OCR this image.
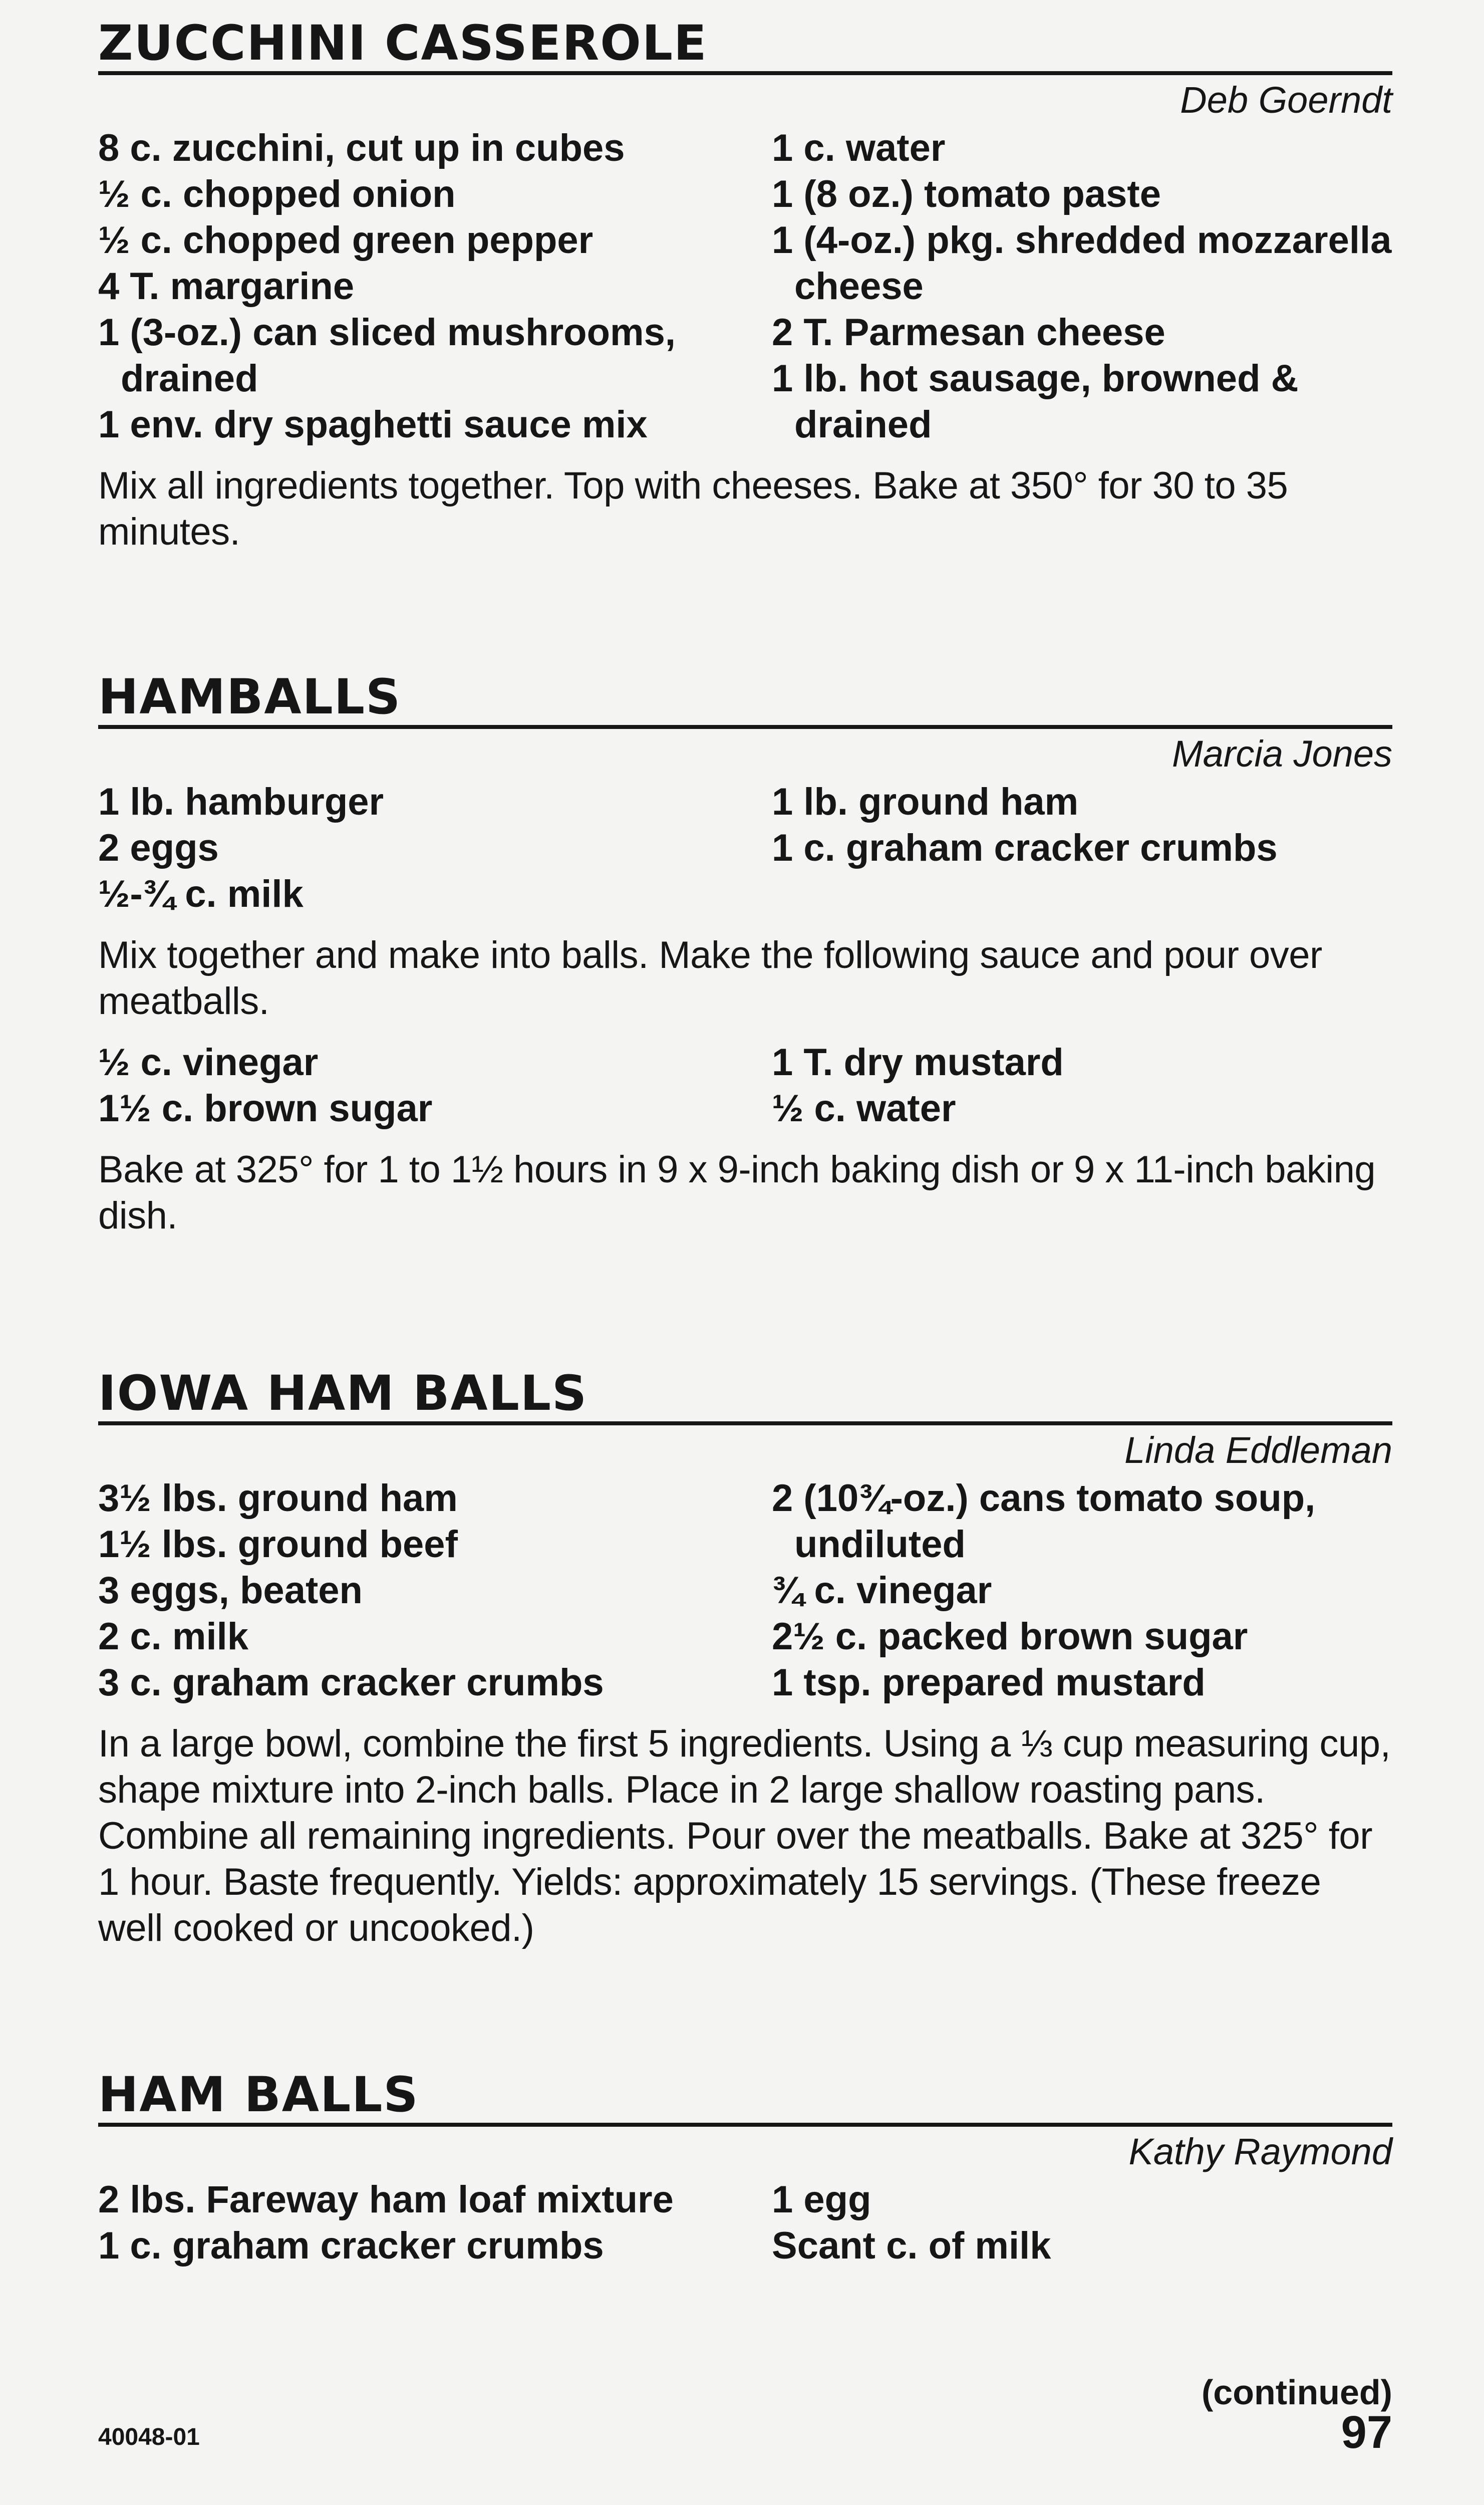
ZUCCHINI CASSEROLE
Deb Goerndt
8 c. zucchini, cut up in cubes
½ c. chopped onion
½ c. chopped green pepper
4 T. margarine
1 (3-oz.) can sliced mushrooms, drained
1 env. dry spaghetti sauce mix
1 c. water
1 (8 oz.) tomato paste
1 (4-oz.) pkg. shredded mozzarella cheese
2 T. Parmesan cheese
1 lb. hot sausage, browned & drained

Mix all ingredients together. Top with cheeses. Bake at 350° for 30 to 35 minutes.

HAMBALLS
Marcia Jones
1 lb. hamburger
2 eggs
½-¾ c. milk
1 lb. ground ham
1 c. graham cracker crumbs

Mix together and make into balls. Make the following sauce and pour over meatballs.

½ c. vinegar
1½ c. brown sugar
1 T. dry mustard
½ c. water

Bake at 325° for 1 to 1½ hours in 9 x 9-inch baking dish or 9 x 11-inch baking dish.

IOWA HAM BALLS
Linda Eddleman
3½ lbs. ground ham
1½ lbs. ground beef
3 eggs, beaten
2 c. milk
3 c. graham cracker crumbs
2 (10¾-oz.) cans tomato soup, undiluted
¾ c. vinegar
2½ c. packed brown sugar
1 tsp. prepared mustard

In a large bowl, combine the first 5 ingredients. Using a ⅓ cup measuring cup, shape mixture into 2-inch balls. Place in 2 large shallow roasting pans. Combine all remaining ingredients. Pour over the meatballs. Bake at 325° for 1 hour. Baste frequently. Yields: approximately 15 servings. (These freeze well cooked or uncooked.)

HAM BALLS
Kathy Raymond
2 lbs. Fareway ham loaf mixture
1 c. graham cracker crumbs
1 egg
Scant c. of milk
(continued)
40048-01	97
